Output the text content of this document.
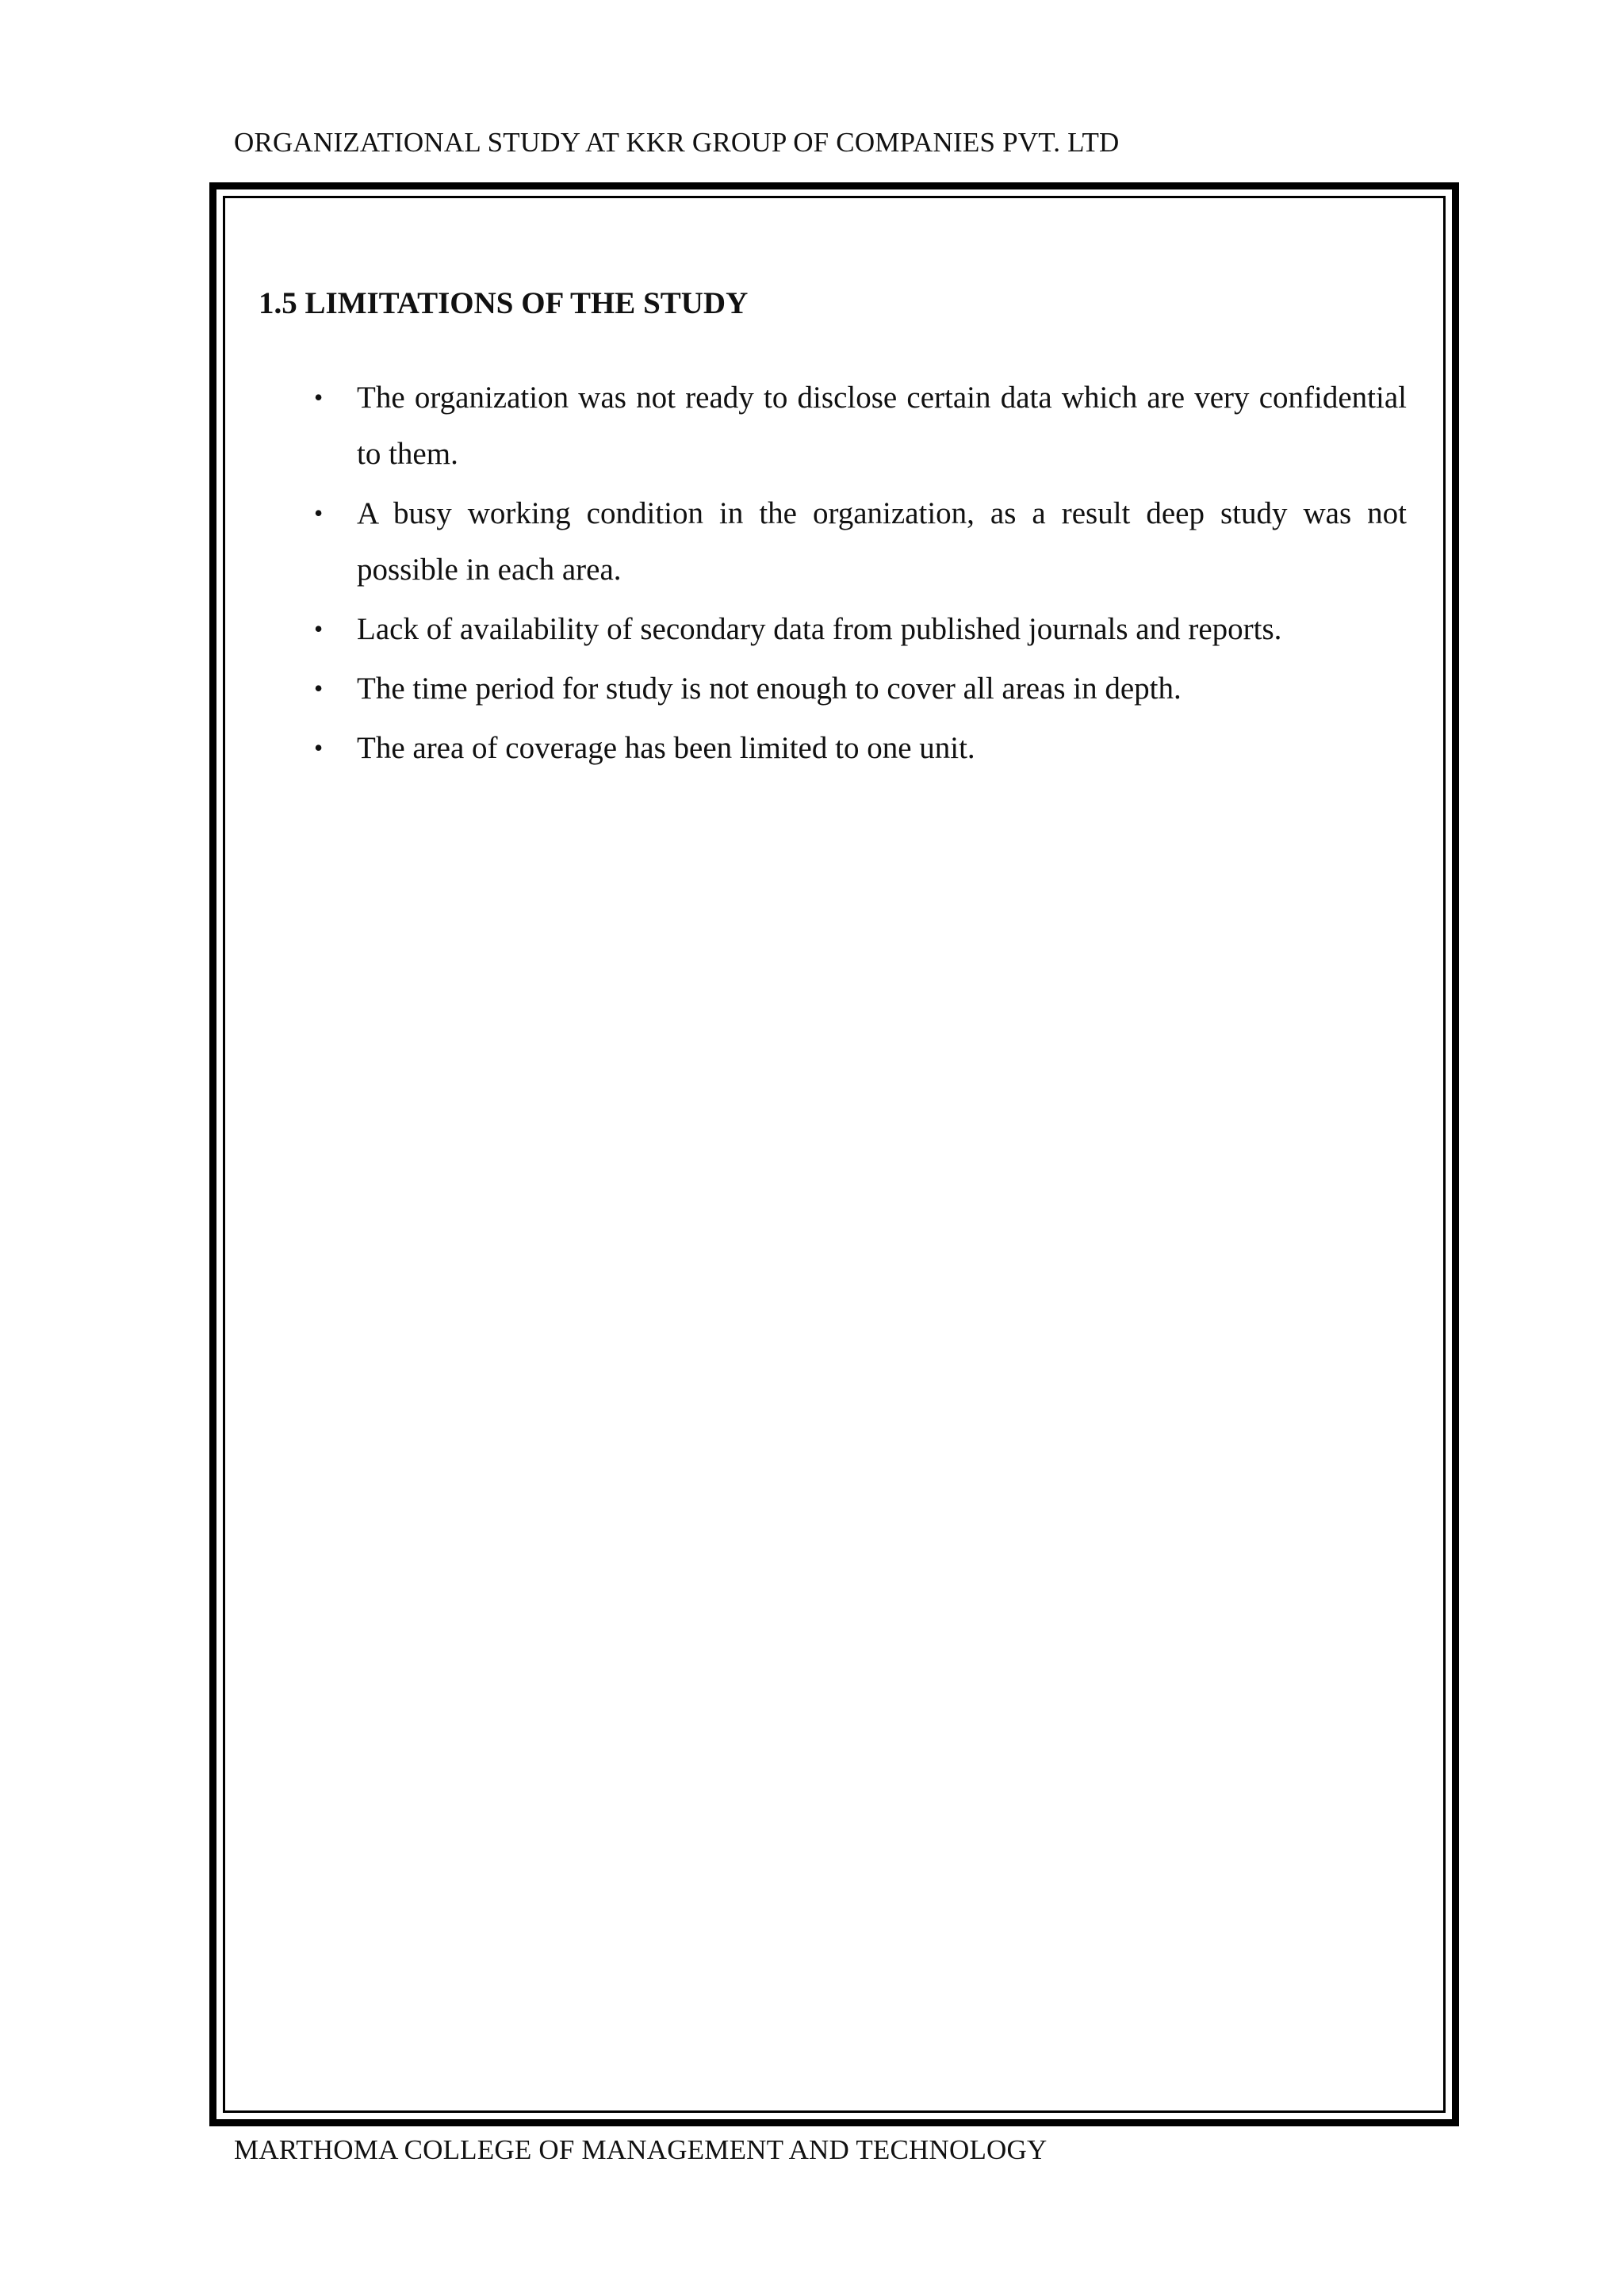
ORGANIZATIONAL STUDY AT KKR GROUP OF COMPANIES PVT. LTD
1.5 LIMITATIONS OF THE STUDY
• The organization was not ready to disclose certain data which are very confidential to them.
• A busy working condition in the organization, as a result deep study was not possible in each area.
• Lack of availability of secondary data from published journals and reports.
• The time period for study is not enough to cover all areas in depth.
• The area of coverage has been limited to one unit.
MARTHOMA COLLEGE OF MANAGEMENT AND TECHNOLOGY
